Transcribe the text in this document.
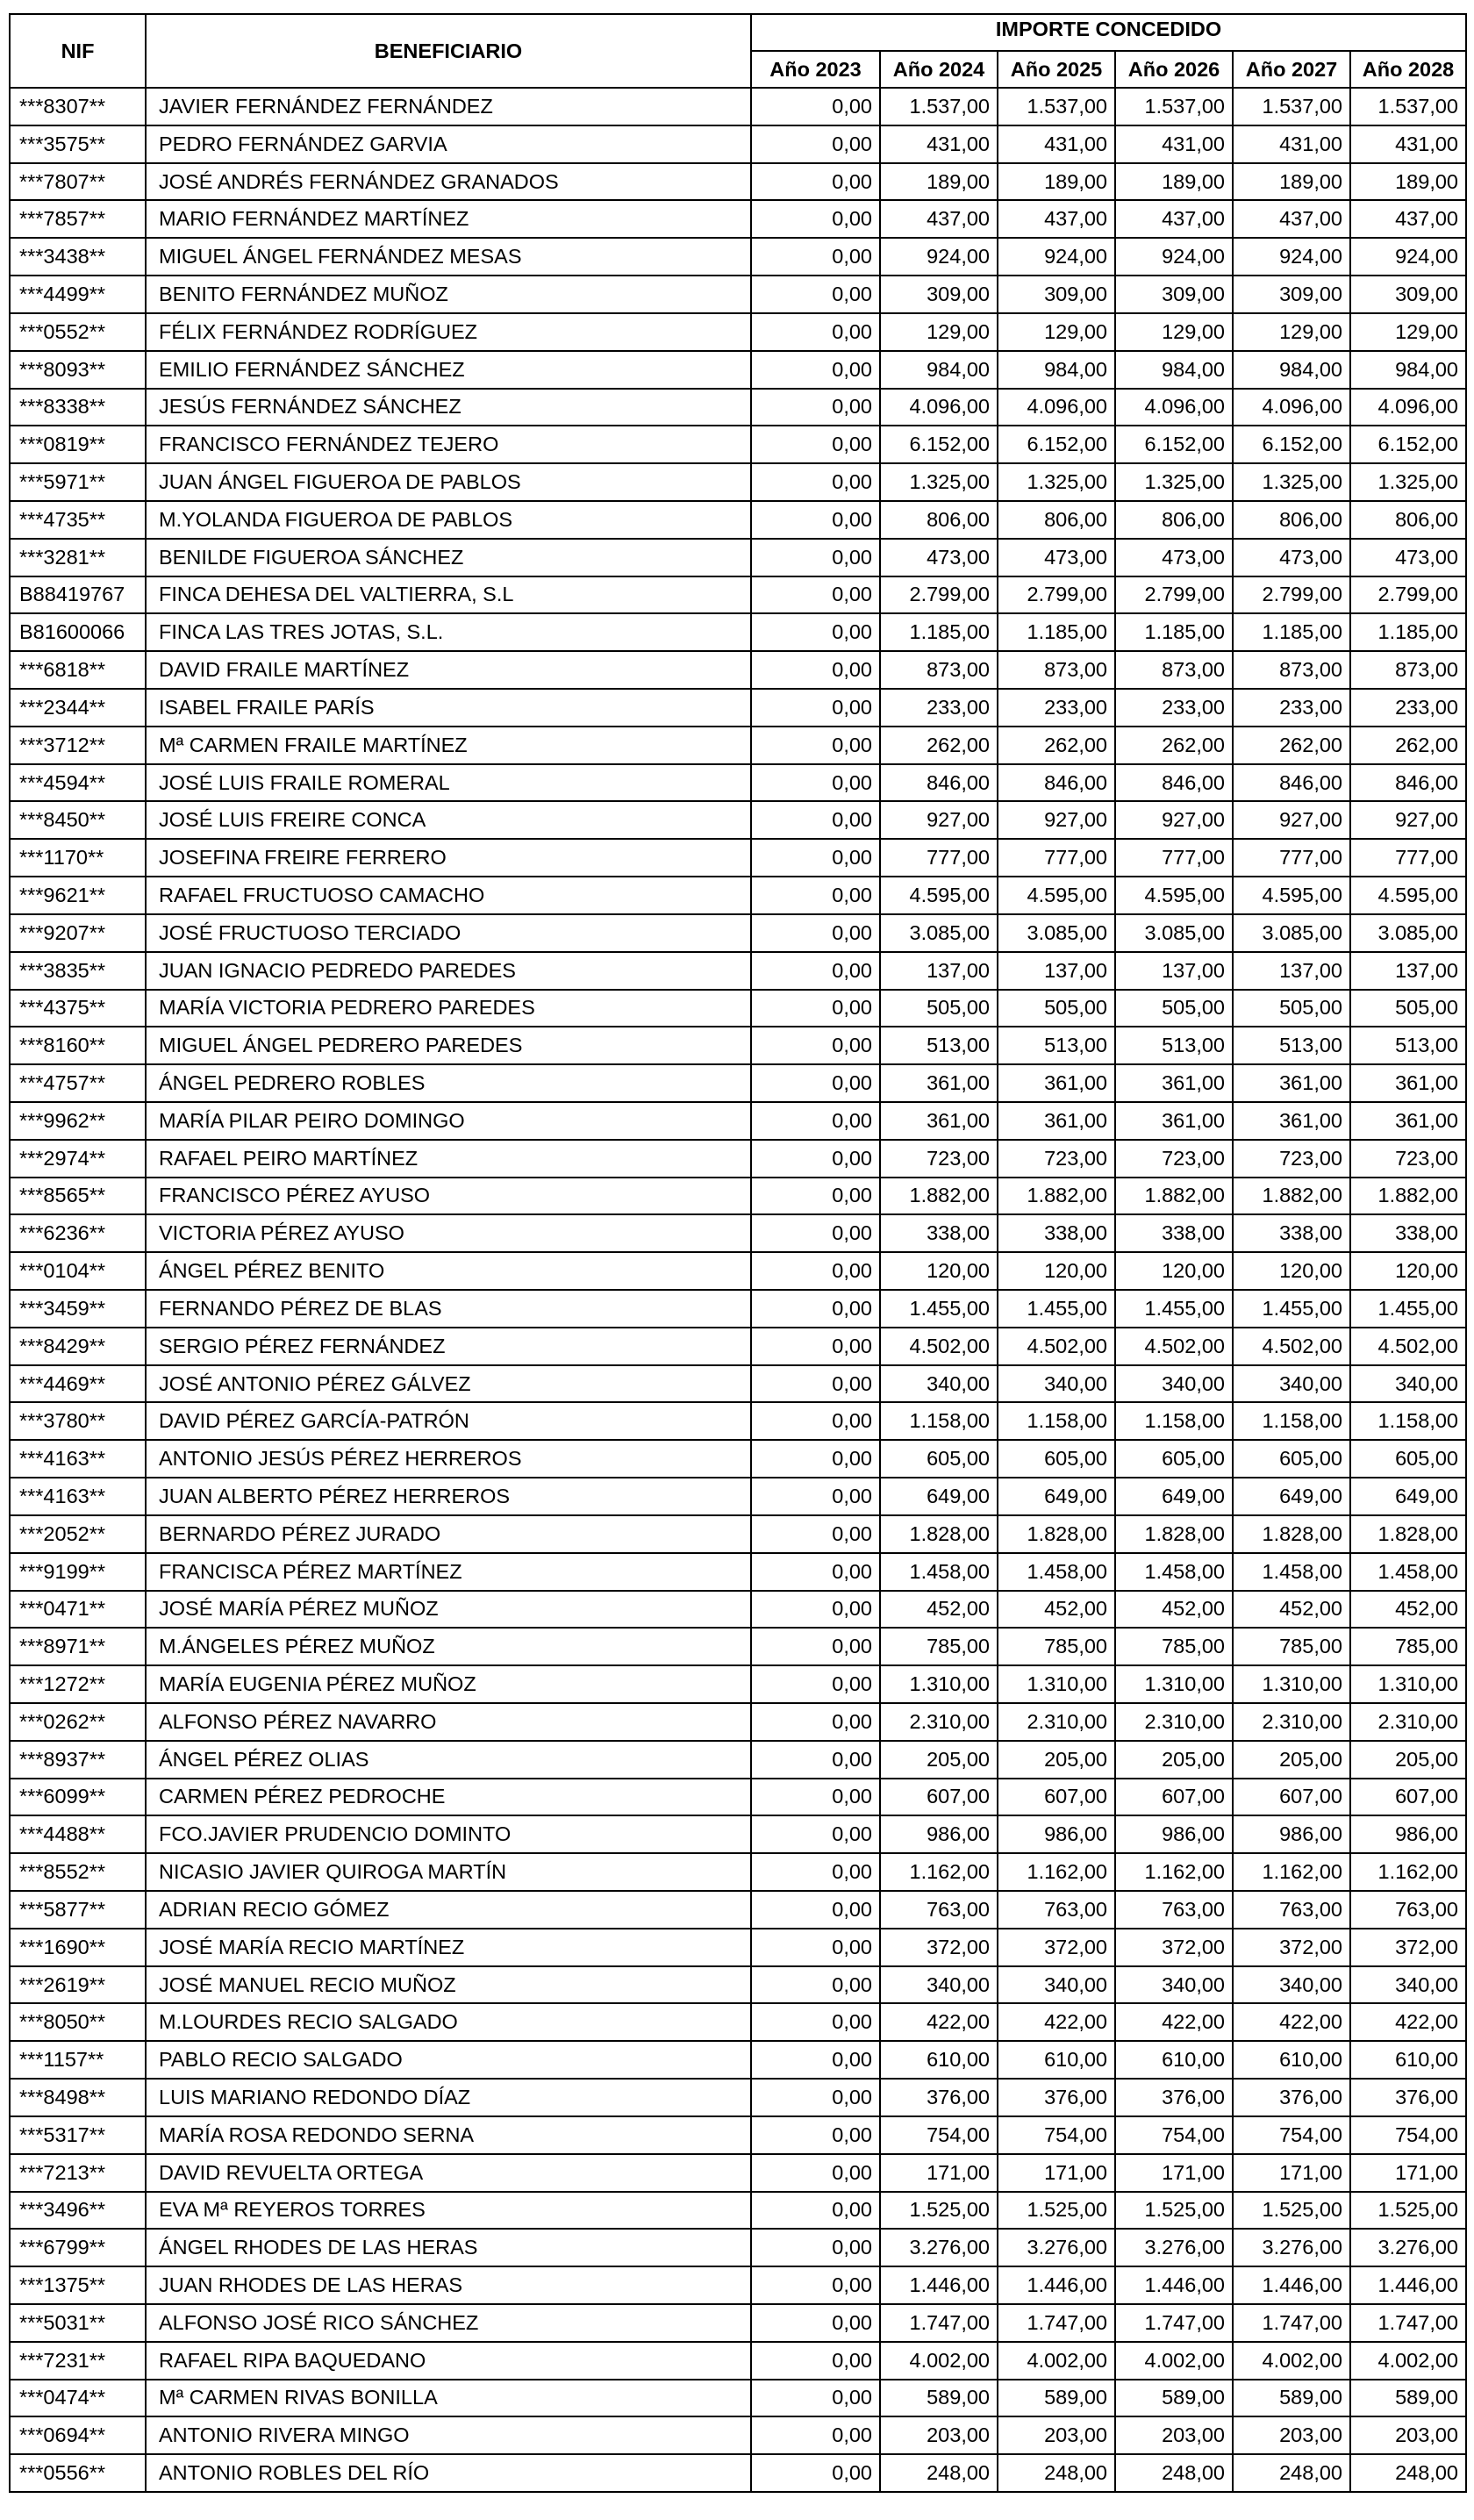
NIF	BENEFICIARIO	IMPORTE CONCEDIDO					
		Año 2023	Año 2024	Año 2025	Año 2026	Año 2027	Año 2028
***8307**	JAVIER FERNÁNDEZ FERNÁNDEZ	0,00	1.537,00	1.537,00	1.537,00	1.537,00	1.537,00
***3575**	PEDRO FERNÁNDEZ GARVIA	0,00	431,00	431,00	431,00	431,00	431,00
***7807**	JOSÉ ANDRÉS FERNÁNDEZ GRANADOS	0,00	189,00	189,00	189,00	189,00	189,00
***7857**	MARIO FERNÁNDEZ MARTÍNEZ	0,00	437,00	437,00	437,00	437,00	437,00
***3438**	MIGUEL ÁNGEL FERNÁNDEZ MESAS	0,00	924,00	924,00	924,00	924,00	924,00
***4499**	BENITO FERNÁNDEZ MUÑOZ	0,00	309,00	309,00	309,00	309,00	309,00
***0552**	FÉLIX FERNÁNDEZ RODRÍGUEZ	0,00	129,00	129,00	129,00	129,00	129,00
***8093**	EMILIO FERNÁNDEZ SÁNCHEZ	0,00	984,00	984,00	984,00	984,00	984,00
***8338**	JESÚS FERNÁNDEZ SÁNCHEZ	0,00	4.096,00	4.096,00	4.096,00	4.096,00	4.096,00
***0819**	FRANCISCO FERNÁNDEZ TEJERO	0,00	6.152,00	6.152,00	6.152,00	6.152,00	6.152,00
***5971**	JUAN ÁNGEL FIGUEROA DE PABLOS	0,00	1.325,00	1.325,00	1.325,00	1.325,00	1.325,00
***4735**	M.YOLANDA FIGUEROA DE PABLOS	0,00	806,00	806,00	806,00	806,00	806,00
***3281**	BENILDE FIGUEROA SÁNCHEZ	0,00	473,00	473,00	473,00	473,00	473,00
B88419767	FINCA DEHESA DEL VALTIERRA, S.L	0,00	2.799,00	2.799,00	2.799,00	2.799,00	2.799,00
B81600066	FINCA LAS TRES JOTAS, S.L.	0,00	1.185,00	1.185,00	1.185,00	1.185,00	1.185,00
***6818**	DAVID FRAILE MARTÍNEZ	0,00	873,00	873,00	873,00	873,00	873,00
***2344**	ISABEL FRAILE PARÍS	0,00	233,00	233,00	233,00	233,00	233,00
***3712**	Mª CARMEN FRAILE MARTÍNEZ	0,00	262,00	262,00	262,00	262,00	262,00
***4594**	JOSÉ LUIS FRAILE ROMERAL	0,00	846,00	846,00	846,00	846,00	846,00
***8450**	JOSÉ LUIS FREIRE CONCA	0,00	927,00	927,00	927,00	927,00	927,00
***1170**	JOSEFINA FREIRE FERRERO	0,00	777,00	777,00	777,00	777,00	777,00
***9621**	RAFAEL FRUCTUOSO CAMACHO	0,00	4.595,00	4.595,00	4.595,00	4.595,00	4.595,00
***9207**	JOSÉ FRUCTUOSO TERCIADO	0,00	3.085,00	3.085,00	3.085,00	3.085,00	3.085,00
***3835**	JUAN IGNACIO PEDREDO PAREDES	0,00	137,00	137,00	137,00	137,00	137,00
***4375**	MARÍA VICTORIA PEDRERO PAREDES	0,00	505,00	505,00	505,00	505,00	505,00
***8160**	MIGUEL ÁNGEL PEDRERO PAREDES	0,00	513,00	513,00	513,00	513,00	513,00
***4757**	ÁNGEL PEDRERO ROBLES	0,00	361,00	361,00	361,00	361,00	361,00
***9962**	MARÍA PILAR PEIRO DOMINGO	0,00	361,00	361,00	361,00	361,00	361,00
***2974**	RAFAEL PEIRO MARTÍNEZ	0,00	723,00	723,00	723,00	723,00	723,00
***8565**	FRANCISCO PÉREZ AYUSO	0,00	1.882,00	1.882,00	1.882,00	1.882,00	1.882,00
***6236**	VICTORIA PÉREZ AYUSO	0,00	338,00	338,00	338,00	338,00	338,00
***0104**	ÁNGEL PÉREZ BENITO	0,00	120,00	120,00	120,00	120,00	120,00
***3459**	FERNANDO PÉREZ DE BLAS	0,00	1.455,00	1.455,00	1.455,00	1.455,00	1.455,00
***8429**	SERGIO PÉREZ FERNÁNDEZ	0,00	4.502,00	4.502,00	4.502,00	4.502,00	4.502,00
***4469**	JOSÉ ANTONIO PÉREZ GÁLVEZ	0,00	340,00	340,00	340,00	340,00	340,00
***3780**	DAVID PÉREZ GARCÍA-PATRÓN	0,00	1.158,00	1.158,00	1.158,00	1.158,00	1.158,00
***4163**	ANTONIO JESÚS PÉREZ HERREROS	0,00	605,00	605,00	605,00	605,00	605,00
***4163**	JUAN ALBERTO PÉREZ HERREROS	0,00	649,00	649,00	649,00	649,00	649,00
***2052**	BERNARDO PÉREZ JURADO	0,00	1.828,00	1.828,00	1.828,00	1.828,00	1.828,00
***9199**	FRANCISCA PÉREZ MARTÍNEZ	0,00	1.458,00	1.458,00	1.458,00	1.458,00	1.458,00
***0471**	JOSÉ MARÍA PÉREZ MUÑOZ	0,00	452,00	452,00	452,00	452,00	452,00
***8971**	M.ÁNGELES PÉREZ MUÑOZ	0,00	785,00	785,00	785,00	785,00	785,00
***1272**	MARÍA EUGENIA PÉREZ MUÑOZ	0,00	1.310,00	1.310,00	1.310,00	1.310,00	1.310,00
***0262**	ALFONSO PÉREZ NAVARRO	0,00	2.310,00	2.310,00	2.310,00	2.310,00	2.310,00
***8937**	ÁNGEL PÉREZ OLIAS	0,00	205,00	205,00	205,00	205,00	205,00
***6099**	CARMEN PÉREZ PEDROCHE	0,00	607,00	607,00	607,00	607,00	607,00
***4488**	FCO.JAVIER PRUDENCIO DOMINTO	0,00	986,00	986,00	986,00	986,00	986,00
***8552**	NICASIO JAVIER QUIROGA MARTÍN	0,00	1.162,00	1.162,00	1.162,00	1.162,00	1.162,00
***5877**	ADRIAN RECIO GÓMEZ	0,00	763,00	763,00	763,00	763,00	763,00
***1690**	JOSÉ MARÍA RECIO MARTÍNEZ	0,00	372,00	372,00	372,00	372,00	372,00
***2619**	JOSÉ MANUEL RECIO MUÑOZ	0,00	340,00	340,00	340,00	340,00	340,00
***8050**	M.LOURDES RECIO SALGADO	0,00	422,00	422,00	422,00	422,00	422,00
***1157**	PABLO RECIO SALGADO	0,00	610,00	610,00	610,00	610,00	610,00
***8498**	LUIS MARIANO REDONDO DÍAZ	0,00	376,00	376,00	376,00	376,00	376,00
***5317**	MARÍA ROSA REDONDO SERNA	0,00	754,00	754,00	754,00	754,00	754,00
***7213**	DAVID REVUELTA ORTEGA	0,00	171,00	171,00	171,00	171,00	171,00
***3496**	EVA Mª REYEROS TORRES	0,00	1.525,00	1.525,00	1.525,00	1.525,00	1.525,00
***6799**	ÁNGEL RHODES DE LAS HERAS	0,00	3.276,00	3.276,00	3.276,00	3.276,00	3.276,00
***1375**	JUAN RHODES DE LAS HERAS	0,00	1.446,00	1.446,00	1.446,00	1.446,00	1.446,00
***5031**	ALFONSO JOSÉ RICO SÁNCHEZ	0,00	1.747,00	1.747,00	1.747,00	1.747,00	1.747,00
***7231**	RAFAEL RIPA BAQUEDANO	0,00	4.002,00	4.002,00	4.002,00	4.002,00	4.002,00
***0474**	Mª CARMEN RIVAS BONILLA	0,00	589,00	589,00	589,00	589,00	589,00
***0694**	ANTONIO RIVERA MINGO	0,00	203,00	203,00	203,00	203,00	203,00
***0556**	ANTONIO ROBLES DEL RÍO	0,00	248,00	248,00	248,00	248,00	248,00
